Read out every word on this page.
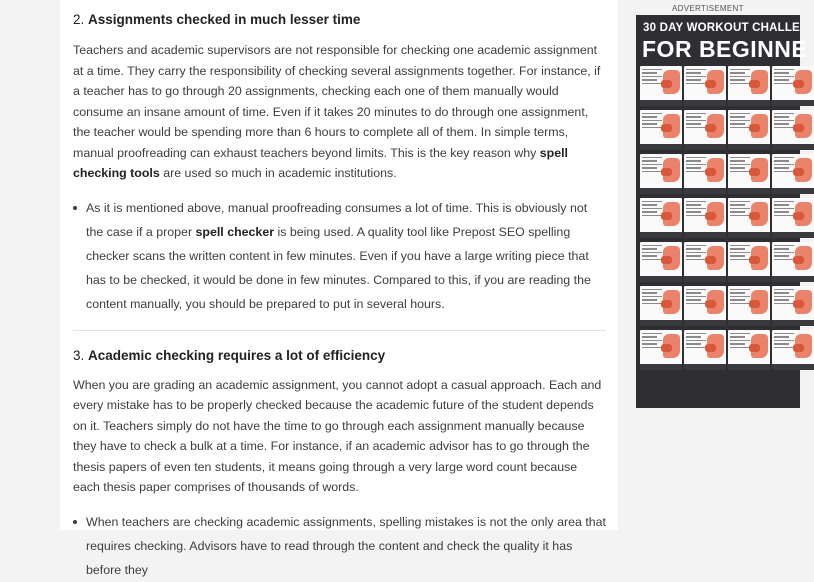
2. Assignments checked in much lesser time

Teachers and academic supervisors are not responsible for checking one academic assignment at a time. They carry the responsibility of checking several assignments together. For instance, if a teacher has to go through 20 assignments, checking each one of them manually would consume an insane amount of time. Even if it takes 20 minutes to do through one assignment, the teacher would be spending more than 6 hours to complete all of them. In simple terms, manual proofreading can exhaust teachers beyond limits. This is the key reason why spell checking tools are used so much in academic institutions.

As it is mentioned above, manual proofreading consumes a lot of time. This is obviously not the case if a proper spell checker is being used. A quality tool like Prepost SEO spelling checker scans the written content in few minutes. Even if you have a large writing piece that has to be checked, it would be done in few minutes. Compared to this, if you are reading the content manually, you should be prepared to put in several hours.
3. Academic checking requires a lot of efficiency

When you are grading an academic assignment, you cannot adopt a casual approach. Each and every mistake has to be properly checked because the academic future of the student depends on it. Teachers simply do not have the time to go through each assignment manually because they have to check a bulk at a time. For instance, if an academic advisor has to go through the thesis papers of even ten students, it means going through a very large word count because each thesis paper comprises of thousands of words.

When teachers are checking academic assignments, spelling mistakes is not the only area that requires checking. Advisors have to read through the content and check the quality it has before they
ADVERTISEMENT
30 DAY WORKOUT CHALLE
FOR BEGINNE
